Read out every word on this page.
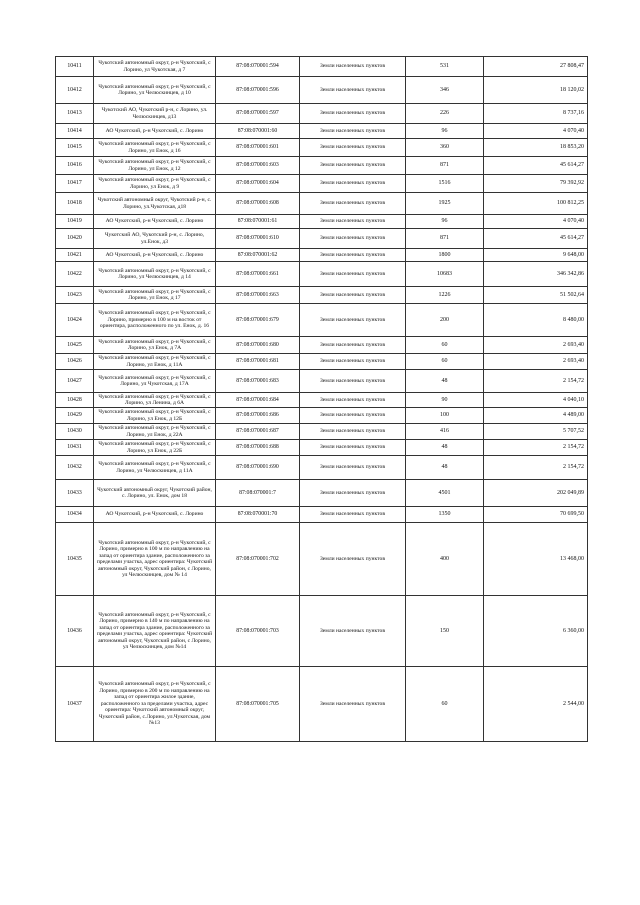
10411	Чукотский автономный округ, р-н Чукотский, с Лорино, ул Чукотская, д 7	87:08:070001:594	Земли населенных пунктов	531	27 808,47
10412	Чукотский автономный округ, р-н Чукотский, с Лорино, ул Челюскинцев, д 10	87:08:070001:596	Земли населенных пунктов	346	18 120,02
10413	Чукотский АО, Чукотский р-н, с Лорино, ул. Челюскинцев, д13	87:08:070001:597	Земли населенных пунктов	226	8 737,16
10414	АО Чукотский, р-н Чукотский, с. Лорино	87:08:070001:60	Земли населенных пунктов	96	4 070,40
10415	Чукотский автономный округ, р-н Чукотский, с Лорино, ул Енок, д 16	87:08:070001:601	Земли населенных пунктов	360	18 853,20
10416	Чукотский автономный округ, р-н Чукотский, с Лорино, ул Енок, д 12	87:08:070001:603	Земли населенных пунктов	871	45 614,27
10417	Чукотский автономный округ, р-н Чукотский, с Лорино, ул Енок, д 9	87:08:070001:604	Земли населенных пунктов	1516	79 392,92
10418	Чукотский автономный округ, Чукотский р-н, с. Лорино, ул.Чукотская, д18	87:08:070001:608	Земли населенных пунктов	1925	100 812,25
10419	АО Чукотский, р-н Чукотский, с. Лорино	87:08:070001:61	Земли населенных пунктов	96	4 070,40
10420	Чукотский АО, Чукотский р-н, с. Лорино, ул.Енок, д3	87:08:070001:610	Земли населенных пунктов	871	45 614,27
10421	АО Чукотский, р-н Чукотский, с. Лорино	87:08:070001:62	Земли населенных пунктов	1800	9 648,00
10422	Чукотский автономный округ, р-н Чукотский, с Лорино, ул Челюскинцев, д 14	87:08:070001:661	Земли населенных пунктов	10683	346 342,86
10423	Чукотский автономный округ, р-н Чукотский, с Лорино, ул Енок, д 17	87:08:070001:663	Земли населенных пунктов	1226	51 502,64
10424	Чукотский автономный округ, р-н Чукотский, с Лорино, примерно в 100 м на восток от ориентира, расположенного по ул. Енок, д. 16	87:08:070001:679	Земли населенных пунктов	200	8 480,00
10425	Чукотский автономный округ, р-н Чукотский, с Лорино, ул Енок, д 7А	87:08:070001:680	Земли населенных пунктов	60	2 693,40
10426	Чукотский автономный округ, р-н Чукотский, с Лорино, ул Енок, д 11А	87:08:070001:681	Земли населенных пунктов	60	2 693,40
10427	Чукотский автономный округ, р-н Чукотский, с Лорино, ул Чукотская, д 17А	87:08:070001:683	Земли населенных пунктов	48	2 154,72
10428	Чукотский автономный округ, р-н Чукотский, с Лорино, ул Ленина, д 6А	87:08:070001:684	Земли населенных пунктов	90	4 040,10
10429	Чукотский автономный округ, р-н Чукотский, с Лорино, ул Енок, д 12Б	87:08:070001:686	Земли населенных пунктов	100	4 489,00
10430	Чукотский автономный округ, р-н Чукотский, с Лорино, ул Енок, д 22А	87:08:070001:687	Земли населенных пунктов	416	5 707,52
10431	Чукотский автономный округ, р-н Чукотский, с Лорино, ул Енок, д 22Б	87:08:070001:688	Земли населенных пунктов	48	2 154,72
10432	Чукотский автономный округ, р-н Чукотский, с Лорино, ул Челюскинцев, д 11А	87:08:070001:690	Земли населенных пунктов	48	2 154,72
10433	Чукотский автономный округ, Чукотский район, с. Лорино, ул. Енок, дом 18	87:08:070001:7	Земли населенных пунктов	4501	202 049,89
10434	АО Чукотский, р-н Чукотский, с. Лорино	87:08:070001:70	Земли населенных пунктов	1350	70 699,50
10435	Чукотский автономный округ, р-н Чукотский, с Лорино, примерно в 100 м по направлению на запад от ориентира здание, расположенного за пределами участка, адрес ориентира: Чукотский автономный округ, Чукотский район, с Лорино, ул Челюскинцев, дом № 14	87:08:070001:702	Земли населенных пунктов	400	13 468,00
10436	Чукотский автономный округ, р-н Чукотский, с Лорино, примерно в 140 м по направлению на запад от ориентира здание, расположенного за пределами участка, адрес ориентира: Чукотский автономный округ, Чукотский район, с Лорино, ул Челюскинцев, дом №14	87:08:070001:703	Земли населенных пунктов	150	6 360,00
10437	Чукотский автономный округ, р-н Чукотский, с Лорино, примерно в 200 м по направлению на запад от ориентира жилое здание, расположенного за пределами участка, адрес ориентира: Чукотский автономный округ, Чукотский район, с.Лорино, ул.Чукотская, дом №13	87:08:070001:705	Земли населенных пунктов	60	2 544,00
